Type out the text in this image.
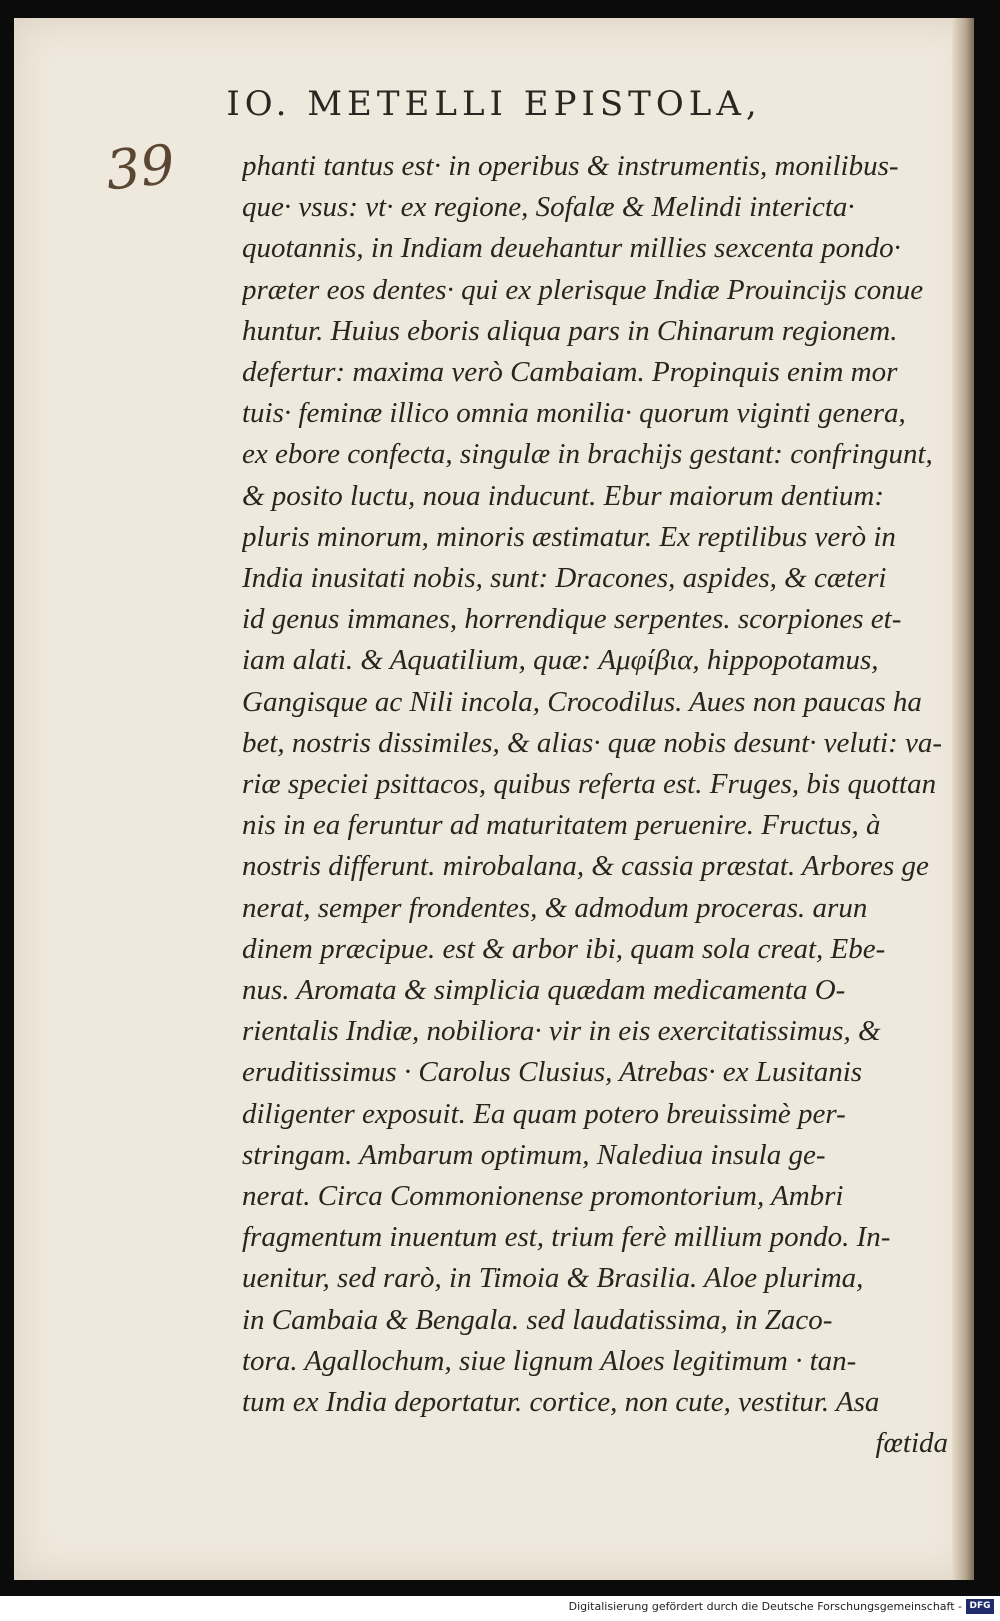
IO. METELLI EPISTOLA,
39 phanti tantus est· in operibus & instrumentis, monilibus-
que· vsus: vt· ex regione, Sofalæ & Melindi intericta·
quotannis, in Indiam deuehantur millies sexcenta pondo·
præter eos dentes· qui ex plerisque Indiæ Prouincijs conue
huntur. Huius eboris aliqua pars in Chinarum regionem.
defertur: maxima verò Cambaiam. Propinquis enim mor
tuis· feminæ illico omnia monilia· quorum viginti genera,
ex ebore confecta, singulæ in brachijs gestant: confringunt,
& posito luctu, noua inducunt. Ebur maiorum dentium:
pluris minorum, minoris æstimatur. Ex reptilibus verò in
India inusitati nobis, sunt: Dracones, aspides, & cæteri
id genus immanes, horrendique serpentes. scorpiones et-
iam alati. & Aquatilium, quæ: Αμφίβια, hippopotamus,
Gangisque ac Nili incola, Crocodilus. Aues non paucas ha
bet, nostris dissimiles, & alias· quæ nobis desunt· veluti: va-
riæ speciei psittacos, quibus referta est. Fruges, bis quottan
nis in ea feruntur ad maturitatem peruenire. Fructus, à
nostris differunt. mirobalana, & cassia præstat. Arbores ge
nerat, semper frondentes, & admodum proceras. arun
dinem præcipue. est & arbor ibi, quam sola creat, Ebe-
nus. Aromata & simplicia quædam medicamenta O-
rientalis Indiæ, nobiliora· vir in eis exercitatissimus, &
eruditissimus · Carolus Clusius, Atrebas· ex Lusitanis
diligenter exposuit. Ea quam potero breuissimè per-
stringam. Ambarum optimum, Nalediua insula ge-
nerat. Circa Commonionense promontorium, Ambri
fragmentum inuentum est, trium ferè millium pondo. In-
uenitur, sed rarò, in Timoia & Brasilia. Aloe plurima,
in Cambaia & Bengala. sed laudatissima, in Zaco-
tora. Agallochum, siue lignum Aloes legitimum · tan-
tum ex India deportatur. cortice, non cute, vestitur. Asa
fœtida
Digitalisierung gefördert durch die Deutsche Forschungsgemeinschaft - DFG
